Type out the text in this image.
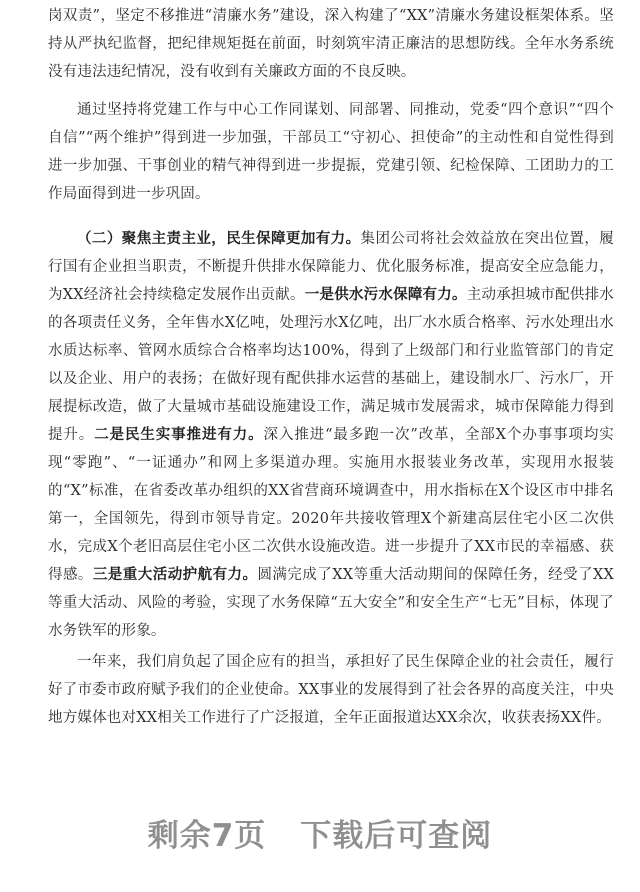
岗双责”，坚定不移推进“清廉水务”建设，深入构建了“XX”清廉水务建设框架体系。坚持从严执纪监督，把纪律规矩挺在前面，时刻筑牢清正廉洁的思想防线。全年水务系统没有违法违纪情况，没有收到有关廉政方面的不良反映。
通过坚持将党建工作与中心工作同谋划、同部署、同推动，党委“四个意识”“四个自信”“两个维护”得到进一步加强，干部员工“守初心、担使命”的主动性和自觉性得到进一步加强、干事创业的精气神得到进一步提振，党建引领、纪检保障、工团助力的工作局面得到进一步巩固。
（二）聚焦主责主业，民生保障更加有力。集团公司将社会效益放在突出位置，履行国有企业担当职责，不断提升供排水保障能力、优化服务标准，提高安全应急能力，为XX经济社会持续稳定发展作出贡献。一是供水污水保障有力。主动承担城市配供排水的各项责任义务，全年售水X亿吨，处理污水X亿吨，出厂水水质合格率、污水处理出水水质达标率、管网水质综合合格率均达100%，得到了上级部门和行业监管部门的肯定以及企业、用户的表扬；在做好现有配供排水运营的基础上，建设制水厂、污水厂，开展提标改造，做了大量城市基础设施建设工作，满足城市发展需求，城市保障能力得到提升。二是民生实事推进有力。深入推进“最多跑一次”改革，全部X个办事事项均实现“零跑”、“一证通办”和网上多渠道办理。实施用水报装业务改革，实现用水报装的“X”标准，在省委改革办组织的XX省营商环境调查中，用水指标在X个设区市中排名第一，全国领先，得到市领导肯定。2020年共接收管理X个新建高层住宅小区二次供水，完成X个老旧高层住宅小区二次供水设施改造。进一步提升了XX市民的幸福感、获得感。三是重大活动护航有力。圆满完成了XX等重大活动期间的保障任务，经受了XX等重大活动、风险的考验，实现了水务保障“五大安全”和安全生产“七无”目标，体现了水务铁军的形象。
一年来，我们肩负起了国企应有的担当，承担好了民生保障企业的社会责任，履行好了市委市政府赋予我们的企业使命。XX事业的发展得到了社会各界的高度关注，中央地方媒体也对XX相关工作进行了广泛报道，全年正面报道达XX余次，收获表扬XX件。
剩余7页 下载后可查阅
